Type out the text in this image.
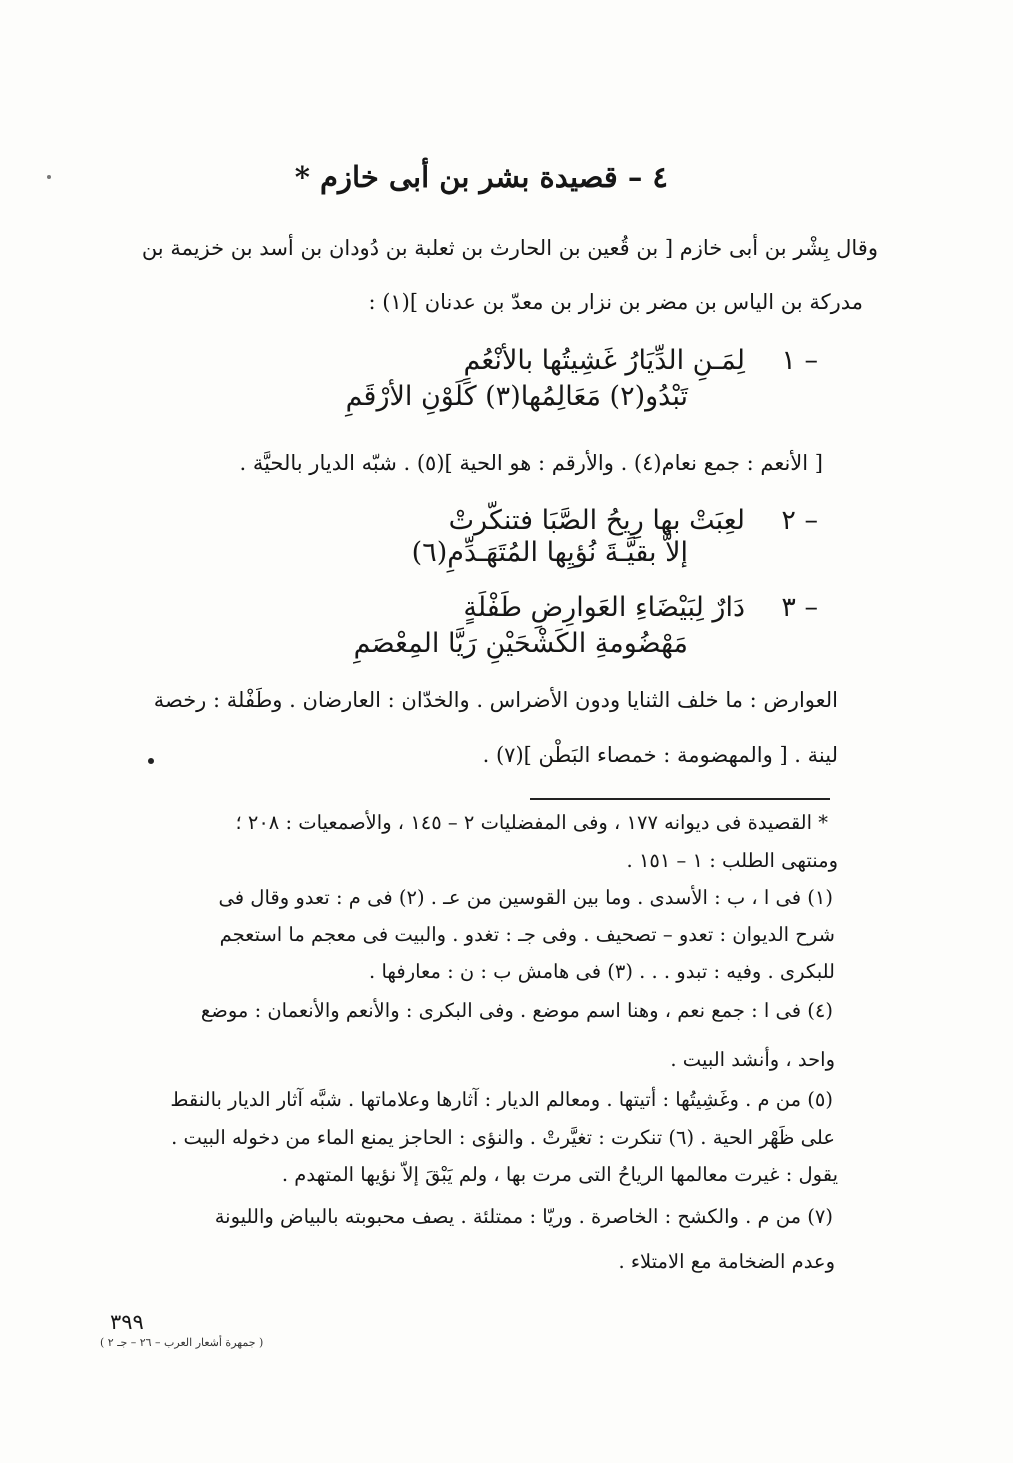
٤ – قصيدة بشر بن أبى خازم *
وقال بِشْر بن أبى خازم [ بن قُعين بن الحارث بن ثعلبة بن دُودان بن أسد بن خزيمة بن
مدركة بن الياس بن مضر بن نزار بن معدّ بن عدنان ](١) :
١ –
لِمَـنِ الدِّيَارُ غَشِيتُها بالأنْعُمِ
تَبْدُو(٢) مَعَالِمُها(٣) كَلَوْنِ الأرْقَمِ
[ الأنعم : جمع نعام(٤) . والأرقم : هو الحية ](٥) . شبّه الديار بالحيَّة .
٢ –
لعِبَتْ بها رِيحُ الصَّبَا فتنكّرتْ
إلاَّ بقيَّـةَ نُؤيِها المُتَهَـدِّمِ(٦)
٣ –
دَارٌ لِبَيْضَاءِ العَوارِضِ طَفْلَةٍ
مَهْضُومةِ الكَشْحَيْنِ رَيَّا المِعْصَمِ
العوارض : ما خلف الثنايا ودون الأضراس . والخدّان : العارضان . وطَفْلة : رخصة
لينة . [ والمهضومة : خمصاء البَطْن ](٧) .
* القصيدة فى ديوانه ١٧٧ ، وفى المفضليات ٢ – ١٤٥ ، والأصمعيات : ٢٠٨ ؛
ومنتهى الطلب : ١ – ١٥١ .
(١) فى ا ، ب : الأسدى . وما بين القوسين من عـ . (٢) فى م : تعدو وقال فى
شرح الديوان : تعدو – تصحيف . وفى جـ : تغدو . والبيت فى معجم ما استعجم
للبكرى . وفيه : تبدو . . . (٣) فى هامش ب : ن : معارفها .
(٤) فى ا : جمع نعم ، وهنا اسم موضع . وفى البكرى : والأنعم والأنعمان : موضع
واحد ، وأنشد البيت .
(٥) من م . وغَشِيتُها : أتيتها . ومعالم الديار : آثارها وعلاماتها . شبَّه آثار الديار بالنقط
على ظَهْر الحية . (٦) تنكرت : تغيَّرتْ . والنؤى : الحاجز يمنع الماء من دخوله البيت .
يقول : غيرت معالمها الرياحُ التى مرت بها ، ولم يَبْقَ إلاّ نؤيها المتهدم .
(٧) من م . والكشح : الخاصرة . وريّا : ممتلئة . يصف محبوبته بالبياض والليونة
وعدم الضخامة مع الامتلاء .
٣٩٩
( جمهرة أشعار العرب – ٢٦ – جـ ٢ )
